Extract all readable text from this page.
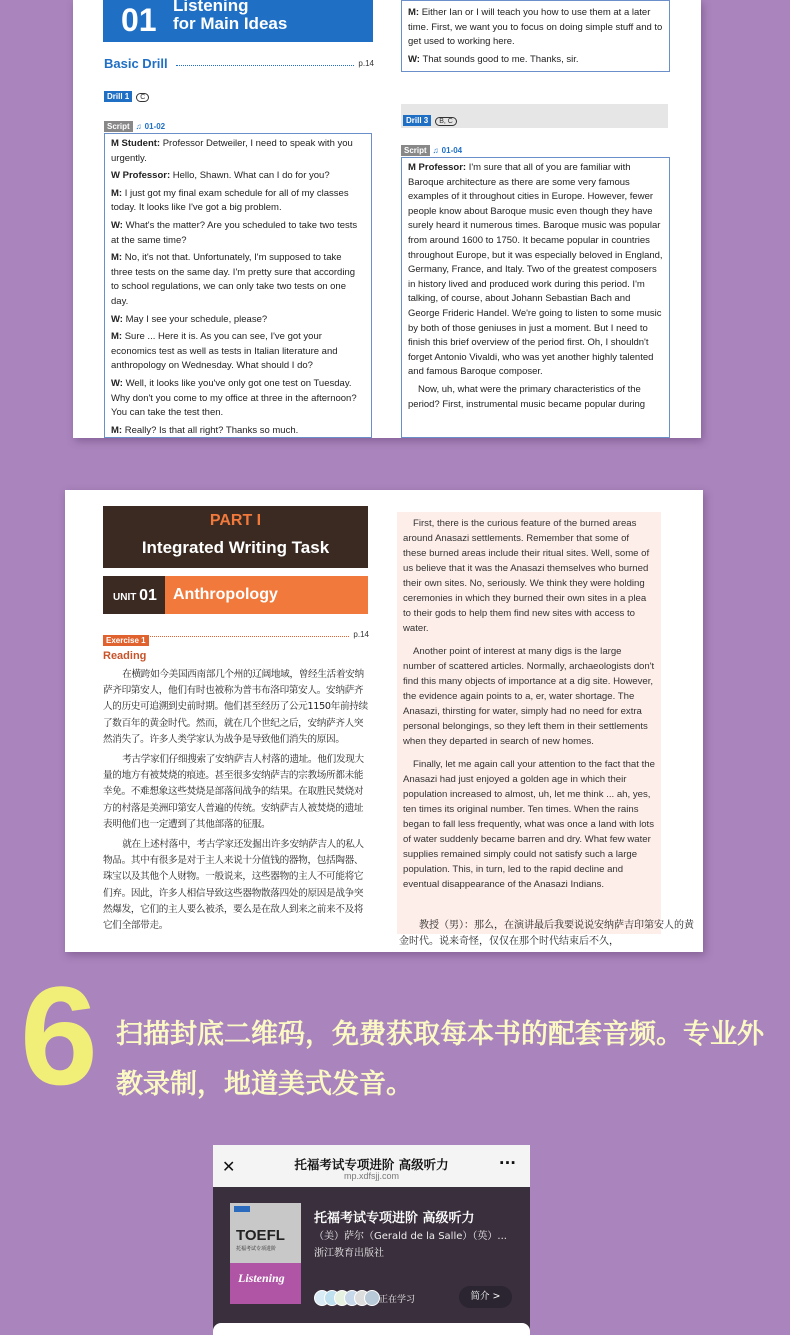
01 Listening
for Main Ideas
Basic Drill	p.14
Drill 1 C
Script ♫ 01-02

M Student: Professor Detweiler, I need to speak with you urgently.

W Professor: Hello, Shawn. What can I do for you?

M: I just got my final exam schedule for all of my classes today. It looks like I've got a big problem.

W: What's the matter? Are you scheduled to take two tests at the same time?

M: No, it's not that. Unfortunately, I'm supposed to take three tests on the same day. I'm pretty sure that according to school regulations, we can only take two tests on one day.

W: May I see your schedule, please?

M: Sure ... Here it is. As you can see, I've got your economics test as well as tests in Italian literature and anthropology on Wednesday. What should I do?

W: Well, it looks like you've only got one test on Tuesday. Why don't you come to my office at three in the afternoon? You can take the test then.

M: Really? Is that all right? Thanks so much.

M: Either Ian or I will teach you how to use them at a later time. First, we want you to focus on doing simple stuff and to get used to working here.

W: That sounds good to me. Thanks, sir.

Drill 3 B, C
Script ♫ 01-04

M Professor: I'm sure that all of you are familiar with Baroque architecture as there are some very famous examples of it throughout cities in Europe. However, fewer people know about Baroque music even though they have surely heard it numerous times. Baroque music was popular from around 1600 to 1750. It became popular in countries throughout Europe, but it was especially beloved in England, Germany, France, and Italy. Two of the greatest composers in history lived and produced work during this period. I'm talking, of course, about Johann Sebastian Bach and George Frideric Handel. We're going to listen to some music by both of those geniuses in just a moment. But I need to finish this brief overview of the period first. Oh, I shouldn't forget Antonio Vivaldi, who was yet another highly talented and famous Baroque composer.

Now, uh, what were the primary characteristics of the period? First, instrumental music became popular during

PART I
Integrated Writing Task
UNIT 01 Anthropology
Exercise 1
p.14
Reading

在横跨如今美国西南部几个州的辽阔地域，曾经生活着安纳萨齐印第安人，他们有时也被称为普韦布洛印第安人。安纳萨齐人的历史可追溯到史前时期。他们甚至经历了公元1150年前持续了数百年的黄金时代。然而，就在几个世纪之后，安纳萨齐人突然消失了。许多人类学家认为战争是导致他们消失的原因。

考古学家们仔细搜索了安纳萨吉人村落的遗址。他们发现大量的地方有被焚烧的痕迹。甚至很多安纳萨吉的宗教场所都未能幸免。不难想象这些焚烧是部落间战争的结果。在取胜民焚烧对方的村落是美洲印第安人普遍的传统。安纳萨吉人被焚烧的遗址表明他们也一定遭到了其他部落的征服。

就在上述村落中，考古学家还发掘出许多安纳萨吉人的私人物品。其中有很多是对于主人来说十分值钱的器物，包括陶器、珠宝以及其他个人财物。一般说来，这些器物的主人不可能将它们弃。因此，许多人相信导致这些器物散落四处的原因是战争突然爆发，它们的主人要么被杀，要么是在敌人到来之前来不及将它们全部带走。

First, there is the curious feature of the burned areas around Anasazi settlements. Remember that some of these burned areas include their ritual sites. Well, some of us believe that it was the Anasazi themselves who burned their own sites. No, seriously. We think they were holding ceremonies in which they burned their own sites in a plea to their gods to help them find new sites with access to water.

Another point of interest at many digs is the large number of scattered articles. Normally, archaeologists don't find this many objects of importance at a dig site. However, the evidence again points to a, er, water shortage. The Anasazi, thirsting for water, simply had no need for extra personal belongings, so they left them in their settlements when they departed in search of new homes.

Finally, let me again call your attention to the fact that the Anasazi had just enjoyed a golden age in which their population increased to almost, uh, let me think ... ah, yes, ten times its original number. Ten times. When the rains began to fall less frequently, what was once a land with lots of water suddenly became barren and dry. What few water supplies remained simply could not satisfy such a large population. This, in turn, led to the rapid decline and eventual disappearance of the Anasazi Indians.

教授（男）：那么，在演讲最后我要说说安纳萨吉印第安人的黄金时代。说来奇怪，仅仅在那个时代结束后不久，
6 扫描封底二维码，免费获取每本书的配套音频。专业外教录制，地道美式发音。
✕	托福考试专项进阶 高级听力
mp.xdfsjj.com
···
TOEFL
托福考试专项进阶
Listening
托福考试专项进阶 高级听力
（美）萨尔（Gerald de la Salle）（英）...
浙江教育出版社
正在学习	简介 >
